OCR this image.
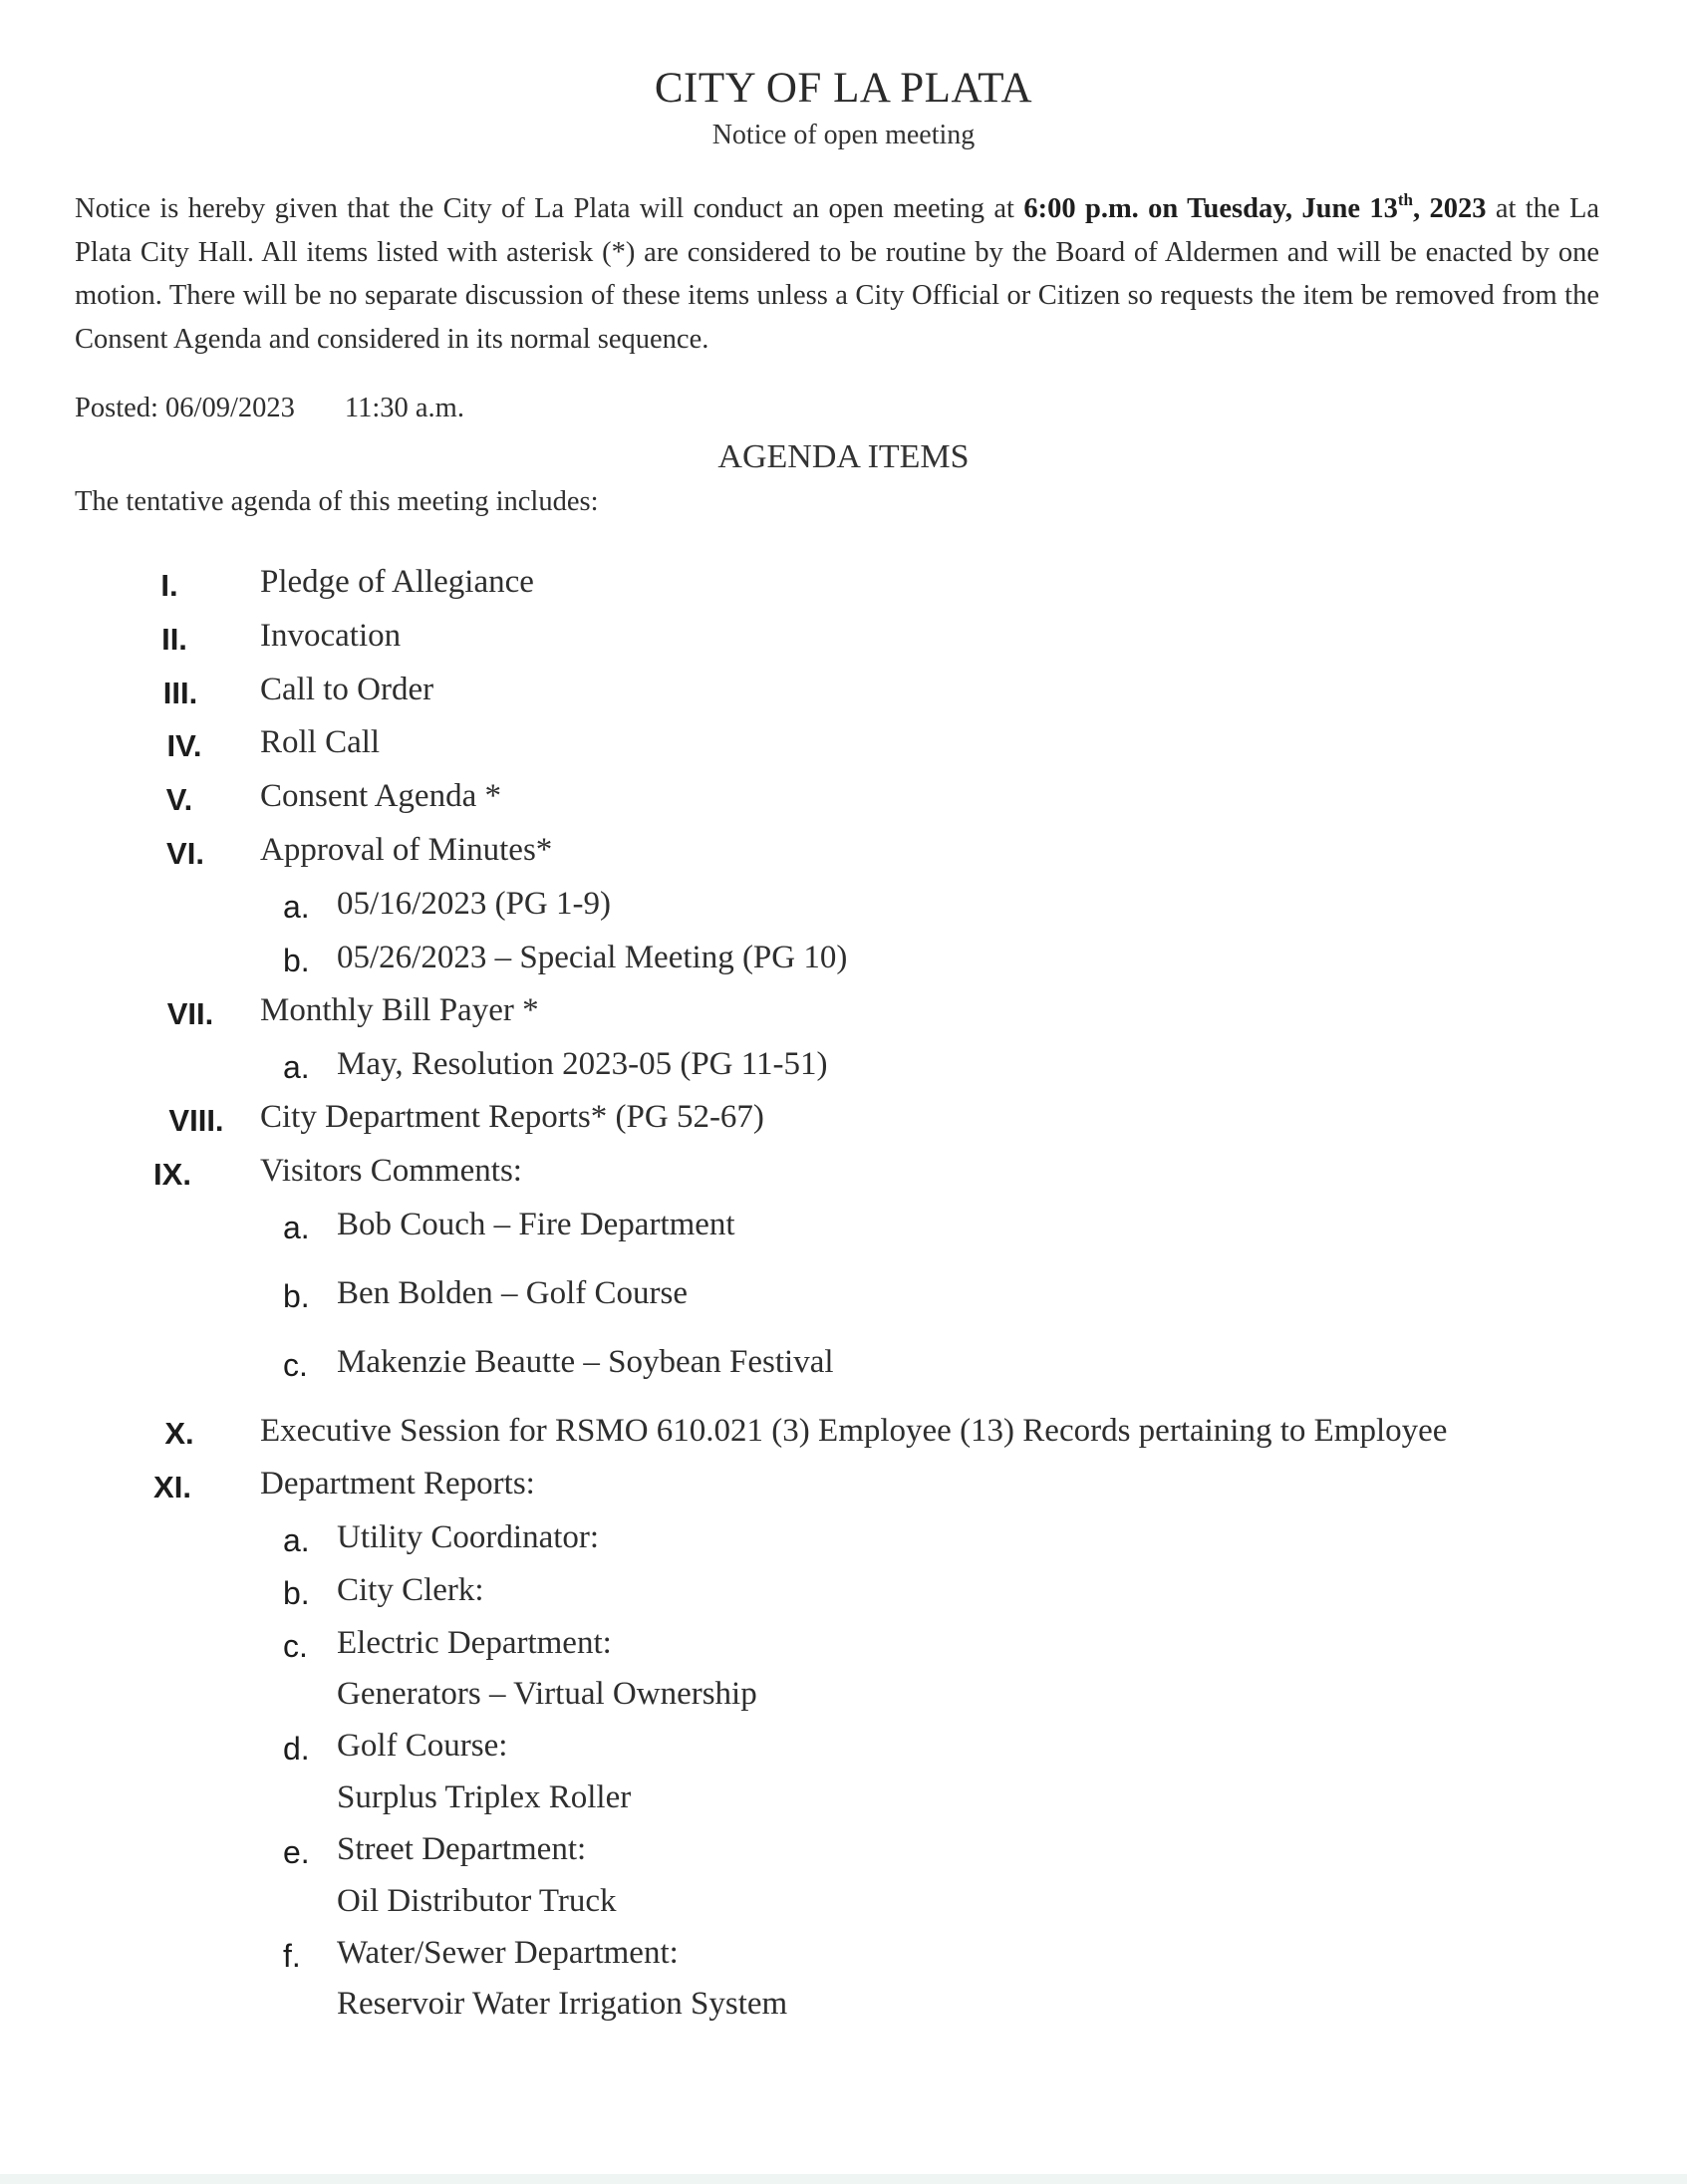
CITY OF LA PLATA
Notice of open meeting
Notice is hereby given that the City of La Plata will conduct an open meeting at 6:00 p.m. on Tuesday, June 13th, 2023 at the La Plata City Hall. All items listed with asterisk (*) are considered to be routine by the Board of Aldermen and will be enacted by one motion. There will be no separate discussion of these items unless a City Official or Citizen so requests the item be removed from the Consent Agenda and considered in its normal sequence.
Posted: 06/09/2023 11:30 a.m.
AGENDA ITEMS
The tentative agenda of this meeting includes:
I.	Pledge of Allegiance
II.	Invocation
III.	Call to Order
IV.	Roll Call
V.	Consent Agenda *
VI.	Approval of Minutes*
a. 05/16/2023 (PG 1-9)
b. 05/26/2023 – Special Meeting (PG 10)
VII.	Monthly Bill Payer *
a. May, Resolution 2023-05 (PG 11-51)
VIII.	City Department Reports* (PG 52-67)
IX.	Visitors Comments:
a. Bob Couch – Fire Department
b. Ben Bolden – Golf Course
c. Makenzie Beautte – Soybean Festival
X.	Executive Session for RSMO 610.021 (3) Employee (13) Records pertaining to Employee
XI.	Department Reports:
a. Utility Coordinator:
b. City Clerk:
c. Electric Department:
Generators – Virtual Ownership
d. Golf Course:
Surplus Triplex Roller
e. Street Department:
Oil Distributor Truck
f. Water/Sewer Department:
Reservoir Water Irrigation System
